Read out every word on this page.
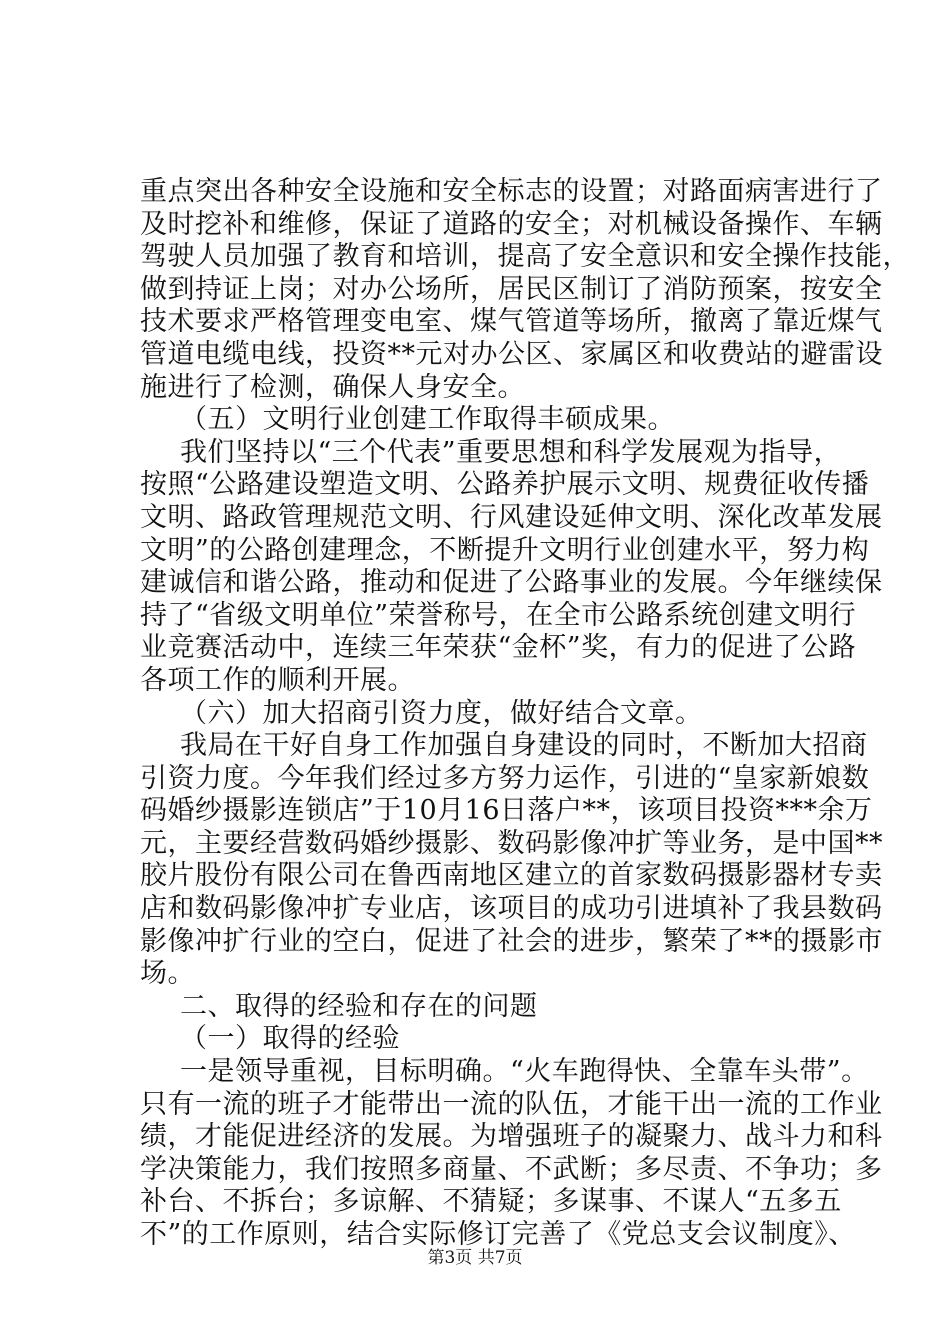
重点突出各种安全设施和安全标志的设置；对路面病害进行了
及时挖补和维修，保证了道路的安全；对机械设备操作、车辆
驾驶人员加强了教育和培训，提高了安全意识和安全操作技能，
做到持证上岗；对办公场所，居民区制订了消防预案，按安全
技术要求严格管理变电室、煤气管道等场所，撤离了靠近煤气
管道电缆电线，投资**元对办公区、家属区和收费站的避雷设
施进行了检测，确保人身安全。
（五）文明行业创建工作取得丰硕成果。
我们坚持以“三个代表”重要思想和科学发展观为指导，
按照“公路建设塑造文明、公路养护展示文明、规费征收传播
文明、路政管理规范文明、行风建设延伸文明、深化改革发展
文明”的公路创建理念，不断提升文明行业创建水平，努力构
建诚信和谐公路，推动和促进了公路事业的发展。今年继续保
持了“省级文明单位”荣誉称号，在全市公路系统创建文明行
业竞赛活动中，连续三年荣获“金杯”奖，有力的促进了公路
各项工作的顺利开展。
（六）加大招商引资力度，做好结合文章。
我局在干好自身工作加强自身建设的同时，不断加大招商
引资力度。今年我们经过多方努力运作，引进的“皇家新娘数
码婚纱摄影连锁店”于10月16日落户**，该项目投资***余万
元，主要经营数码婚纱摄影、数码影像冲扩等业务，是中国**
胶片股份有限公司在鲁西南地区建立的首家数码摄影器材专卖
店和数码影像冲扩专业店，该项目的成功引进填补了我县数码
影像冲扩行业的空白，促进了社会的进步，繁荣了**的摄影市
场。
二、取得的经验和存在的问题
（一）取得的经验
一是领导重视，目标明确。“火车跑得快、全靠车头带”。
只有一流的班子才能带出一流的队伍，才能干出一流的工作业
绩，才能促进经济的发展。为增强班子的凝聚力、战斗力和科
学决策能力，我们按照多商量、不武断；多尽责、不争功；多
补台、不拆台；多谅解、不猜疑；多谋事、不谋人“五多五
不”的工作原则，结合实际修订完善了《党总支会议制度》、
第3页 共7页
